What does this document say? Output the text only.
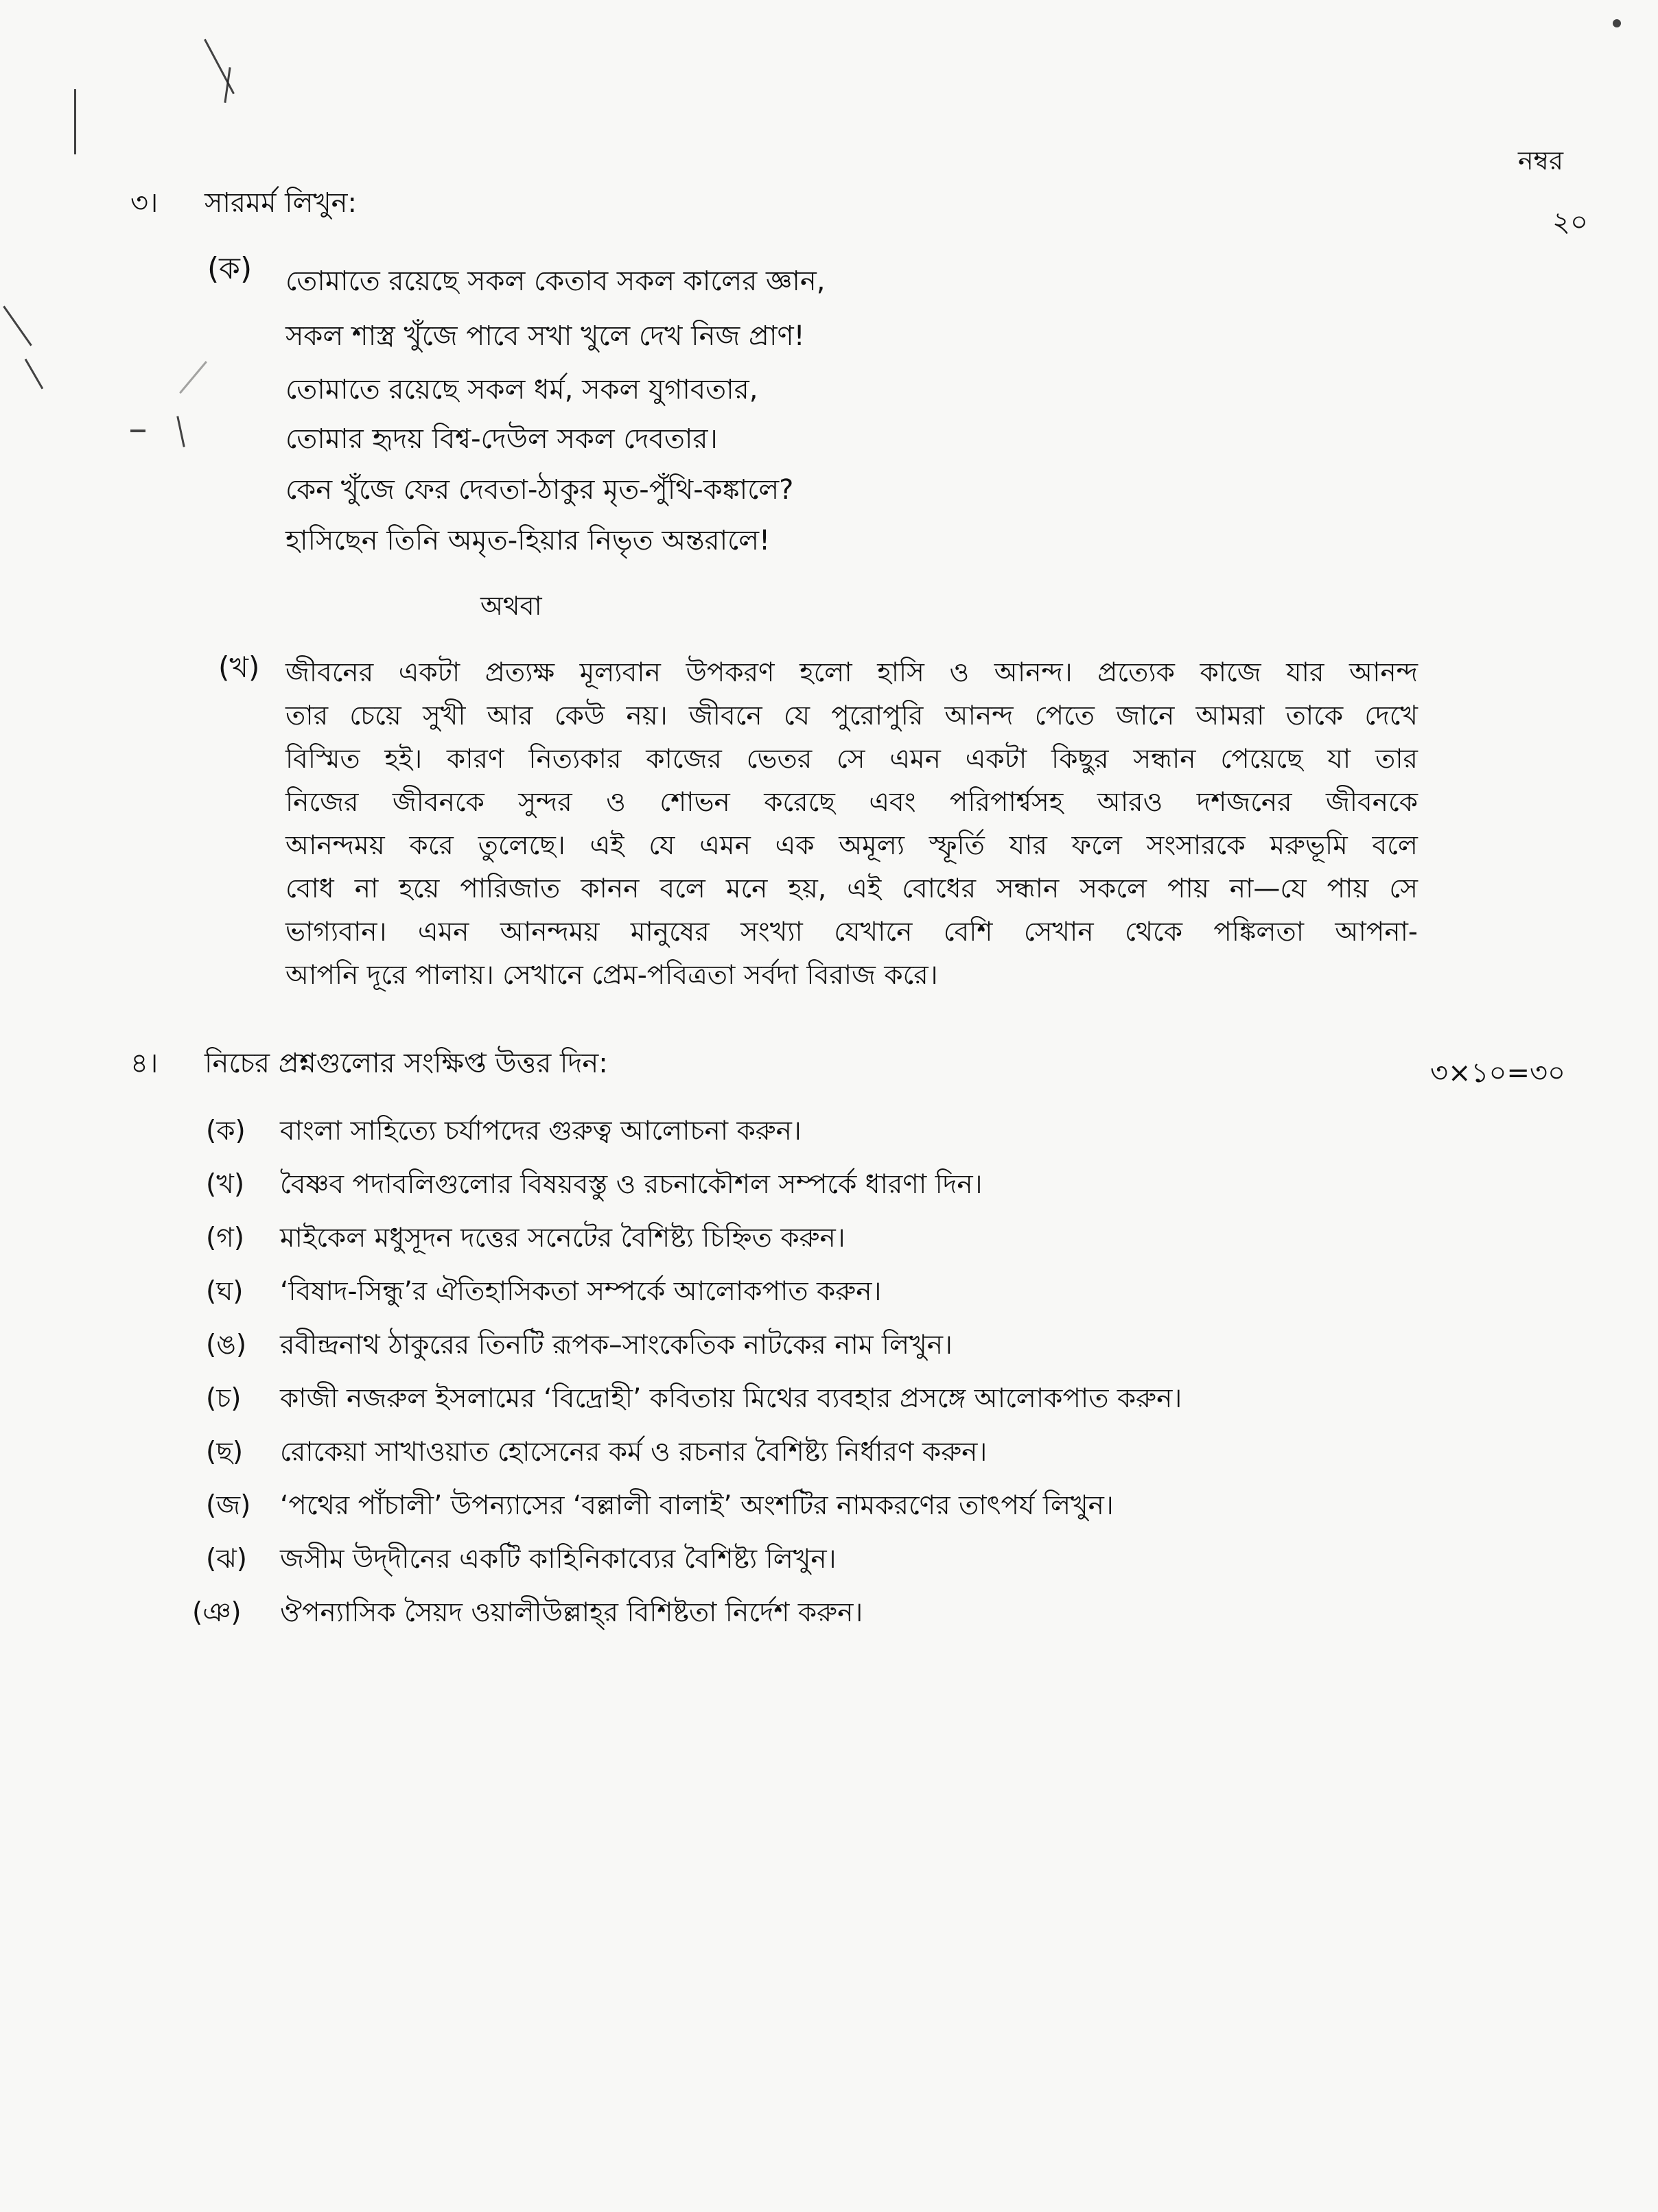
নম্বর
২০
৩। সারমর্ম লিখুন:
(ক) তোমাতে রয়েছে সকল কেতাব সকল কালের জ্ঞান,
সকল শাস্ত্র খুঁজে পাবে সখা খুলে দেখ নিজ প্রাণ!
তোমাতে রয়েছে সকল ধর্ম, সকল যুগাবতার,
তোমার হৃদয় বিশ্ব-দেউল সকল দেবতার।
কেন খুঁজে ফের দেবতা-ঠাকুর মৃত-পুঁথি-কঙ্কালে?
হাসিছেন তিনি অমৃত-হিয়ার নিভৃত অন্তরালে!
অথবা
(খ) জীবনের একটা প্রত্যক্ষ মূল্যবান উপকরণ হলো হাসি ও আনন্দ। প্রত্যেক কাজে যার আনন্দ
তার চেয়ে সুখী আর কেউ নয়। জীবনে যে পুরোপুরি আনন্দ পেতে জানে আমরা তাকে দেখে
বিস্মিত হই। কারণ নিত্যকার কাজের ভেতর সে এমন একটা কিছুর সন্ধান পেয়েছে যা তার
নিজের জীবনকে সুন্দর ও শোভন করেছে এবং পরিপার্শ্বসহ আরও দশজনের জীবনকে
আনন্দময় করে তুলেছে। এই যে এমন এক অমূল্য স্ফূর্তি যার ফলে সংসারকে মরুভূমি বলে
বোধ না হয়ে পারিজাত কানন বলে মনে হয়, এই বোধের সন্ধান সকলে পায় না—যে পায় সে
ভাগ্যবান। এমন আনন্দময় মানুষের সংখ্যা যেখানে বেশি সেখান থেকে পঙ্কিলতা আপনা-
আপনি দূরে পালায়। সেখানে প্রেম-পবিত্রতা সর্বদা বিরাজ করে।
৪। নিচের প্রশ্নগুলোর সংক্ষিপ্ত উত্তর দিন:	৩×১০=৩০
(ক) বাংলা সাহিত্যে চর্যাপদের গুরুত্ব আলোচনা করুন।
(খ) বৈষ্ণব পদাবলিগুলোর বিষয়বস্তু ও রচনাকৌশল সম্পর্কে ধারণা দিন।
(গ) মাইকেল মধুসূদন দত্তের সনেটের বৈশিষ্ট্য চিহ্নিত করুন।
(ঘ) ‘বিষাদ-সিন্ধু’র ঐতিহাসিকতা সম্পর্কে আলোকপাত করুন।
(ঙ) রবীন্দ্রনাথ ঠাকুরের তিনটি রূপক–সাংকেতিক নাটকের নাম লিখুন।
(চ) কাজী নজরুল ইসলামের ‘বিদ্রোহী’ কবিতায় মিথের ব্যবহার প্রসঙ্গে আলোকপাত করুন।
(ছ) রোকেয়া সাখাওয়াত হোসেনের কর্ম ও রচনার বৈশিষ্ট্য নির্ধারণ করুন।
(জ) ‘পথের পাঁচালী’ উপন্যাসের ‘বল্লালী বালাই’ অংশটির নামকরণের তাৎপর্য লিখুন।
(ঝ) জসীম উদ্‌দীনের একটি কাহিনিকাব্যের বৈশিষ্ট্য লিখুন।
(ঞ) ঔপন্যাসিক সৈয়দ ওয়ালীউল্লাহ্‌র বিশিষ্টতা নির্দেশ করুন।
